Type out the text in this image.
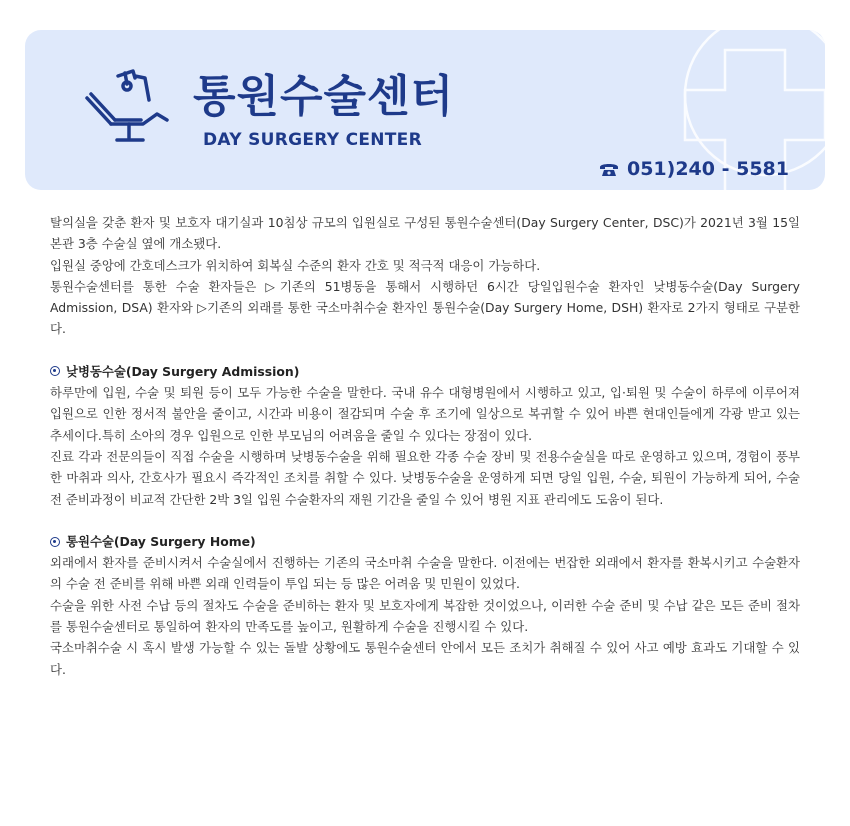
통원수술센터
DAY SURGERY CENTER
051)240 - 5581

탈의실을 갖춘 환자 및 보호자 대기실과 10침상 규모의 입원실로 구성된 통원수술센터(Day Surgery Center, DSC)가 2021년 3월 15일 본관 3층 수술실 옆에 개소됐다.

입원실 중앙에 간호데스크가 위치하여 회복실 수준의 환자 간호 및 적극적 대응이 가능하다.

통원수술센터를 통한 수술 환자들은 ▷기존의 51병동을 통해서 시행하던 6시간 당일입원수술 환자인 낮병동수술(Day Surgery Admission, DSA) 환자와 ▷기존의 외래를 통한 국소마취수술 환자인 통원수술(Day Surgery Home, DSH) 환자로 2가지 형태로 구분한다.

낮병동수술(Day Surgery Admission)

하루만에 입원, 수술 및 퇴원 등이 모두 가능한 수술을 말한다. 국내 유수 대형병원에서 시행하고 있고, 입·퇴원 및 수술이 하루에 이루어져 입원으로 인한 정서적 불안을 줄이고, 시간과 비용이 절감되며 수술 후 조기에 일상으로 복귀할 수 있어 바쁜 현대인들에게 각광 받고 있는 추세이다.특히 소아의 경우 입원으로 인한 부모님의 어려움을 줄일 수 있다는 장점이 있다.

진료 각과 전문의들이 직접 수술을 시행하며 낮병동수술을 위해 필요한 각종 수술 장비 및 전용수술실을 따로 운영하고 있으며, 경험이 풍부한 마취과 의사, 간호사가 필요시 즉각적인 조치를 취할 수 있다. 낮병동수술을 운영하게 되면 당일 입원, 수술, 퇴원이 가능하게 되어, 수술 전 준비과정이 비교적 간단한 2박 3일 입원 수술환자의 재원 기간을 줄일 수 있어 병원 지표 관리에도 도움이 된다.

통원수술(Day Surgery Home)

외래에서 환자를 준비시켜서 수술실에서 진행하는 기존의 국소마취 수술을 말한다. 이전에는 번잡한 외래에서 환자를 환복시키고 수술환자의 수술 전 준비를 위해 바쁜 외래 인력들이 투입 되는 등 많은 어려움 및 민원이 있었다.

수술을 위한 사전 수납 등의 절차도 수술을 준비하는 환자 및 보호자에게 복잡한 것이었으나, 이러한 수술 준비 및 수납 같은 모든 준비 절차를 통원수술센터로 통일하여 환자의 만족도를 높이고, 원활하게 수술을 진행시킬 수 있다.

국소마취수술 시 혹시 발생 가능할 수 있는 돌발 상황에도 통원수술센터 안에서 모든 조치가 취해질 수 있어 사고 예방 효과도 기대할 수 있다.
